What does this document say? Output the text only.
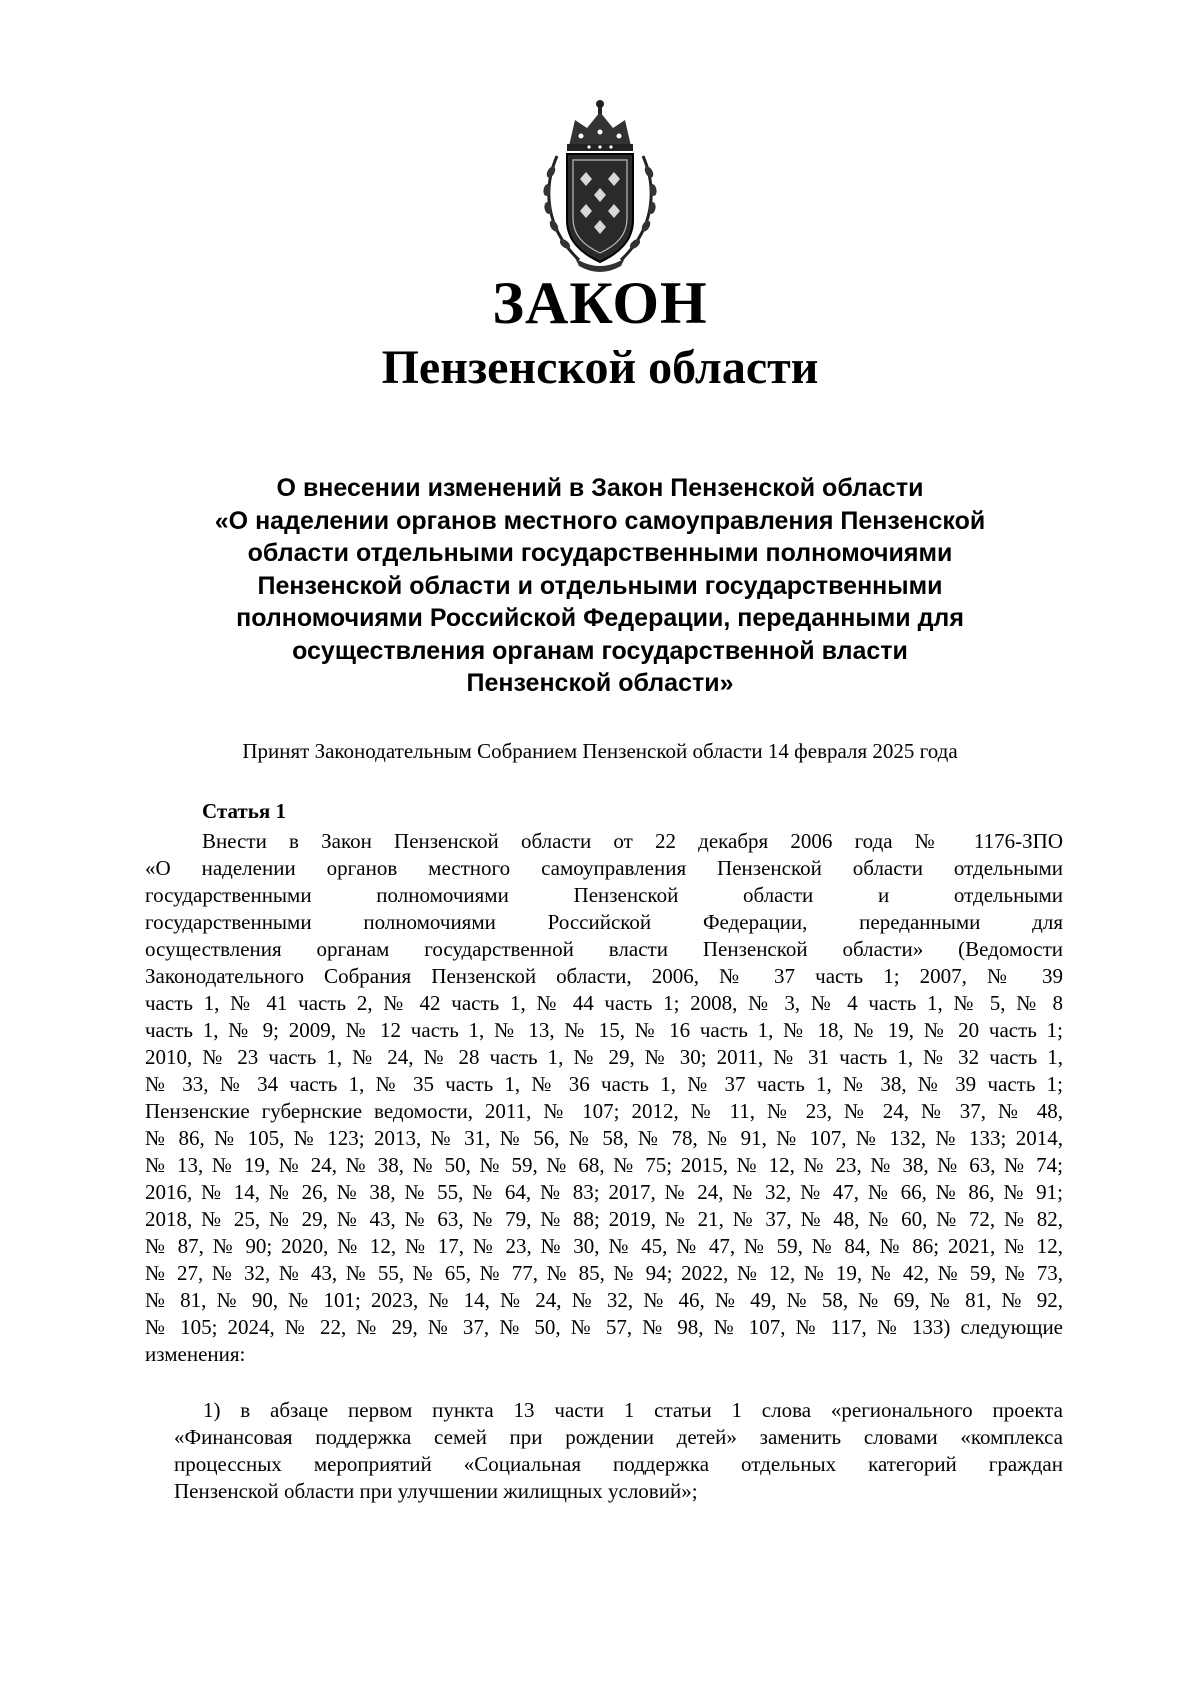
ЗАКОН
Пензенской области
О внесении изменений в Закон Пензенской области
«О наделении органов местного самоуправления Пензенской
области отдельными государственными полномочиями
Пензенской области и отдельными государственными
полномочиями Российской Федерации, переданными для
осуществления органам государственной власти
Пензенской области»
Принят Законодательным Собранием Пензенской области 14 февраля 2025 года
Статья 1
Внести в Закон Пензенской области от 22 декабря 2006 года № 1176-ЗПО
«О наделении органов местного самоуправления Пензенской области отдельными
государственными полномочиями Пензенской области и отдельными
государственными полномочиями Российской Федерации, переданными для
осуществления органам государственной власти Пензенской области» (Ведомости
Законодательного Собрания Пензенской области, 2006, № 37 часть 1; 2007, № 39
часть 1, № 41 часть 2, № 42 часть 1, № 44 часть 1; 2008, № 3, № 4 часть 1, № 5, № 8
часть 1, № 9; 2009, № 12 часть 1, № 13, № 15, № 16 часть 1, № 18, № 19, № 20 часть 1;
2010, № 23 часть 1, № 24, № 28 часть 1, № 29, № 30; 2011, № 31 часть 1, № 32 часть 1,
№ 33, № 34 часть 1, № 35 часть 1, № 36 часть 1, № 37 часть 1, № 38, № 39 часть 1;
Пензенские губернские ведомости, 2011, № 107; 2012, № 11, № 23, № 24, № 37, № 48,
№ 86, № 105, № 123; 2013, № 31, № 56, № 58, № 78, № 91, № 107, № 132, № 133; 2014,
№ 13, № 19, № 24, № 38, № 50, № 59, № 68, № 75; 2015, № 12, № 23, № 38, № 63, № 74;
2016, № 14, № 26, № 38, № 55, № 64, № 83; 2017, № 24, № 32, № 47, № 66, № 86, № 91;
2018, № 25, № 29, № 43, № 63, № 79, № 88; 2019, № 21, № 37, № 48, № 60, № 72, № 82,
№ 87, № 90; 2020, № 12, № 17, № 23, № 30, № 45, № 47, № 59, № 84, № 86; 2021, № 12,
№ 27, № 32, № 43, № 55, № 65, № 77, № 85, № 94; 2022, № 12, № 19, № 42, № 59, № 73,
№ 81, № 90, № 101; 2023, № 14, № 24, № 32, № 46, № 49, № 58, № 69, № 81, № 92,
№ 105; 2024, № 22, № 29, № 37, № 50, № 57, № 98, № 107, № 117, № 133) следующие
изменения:
1) в абзаце первом пункта 13 части 1 статьи 1 слова «регионального проекта
«Финансовая поддержка семей при рождении детей» заменить словами «комплекса
процессных мероприятий «Социальная поддержка отдельных категорий граждан
Пензенской области при улучшении жилищных условий»;
